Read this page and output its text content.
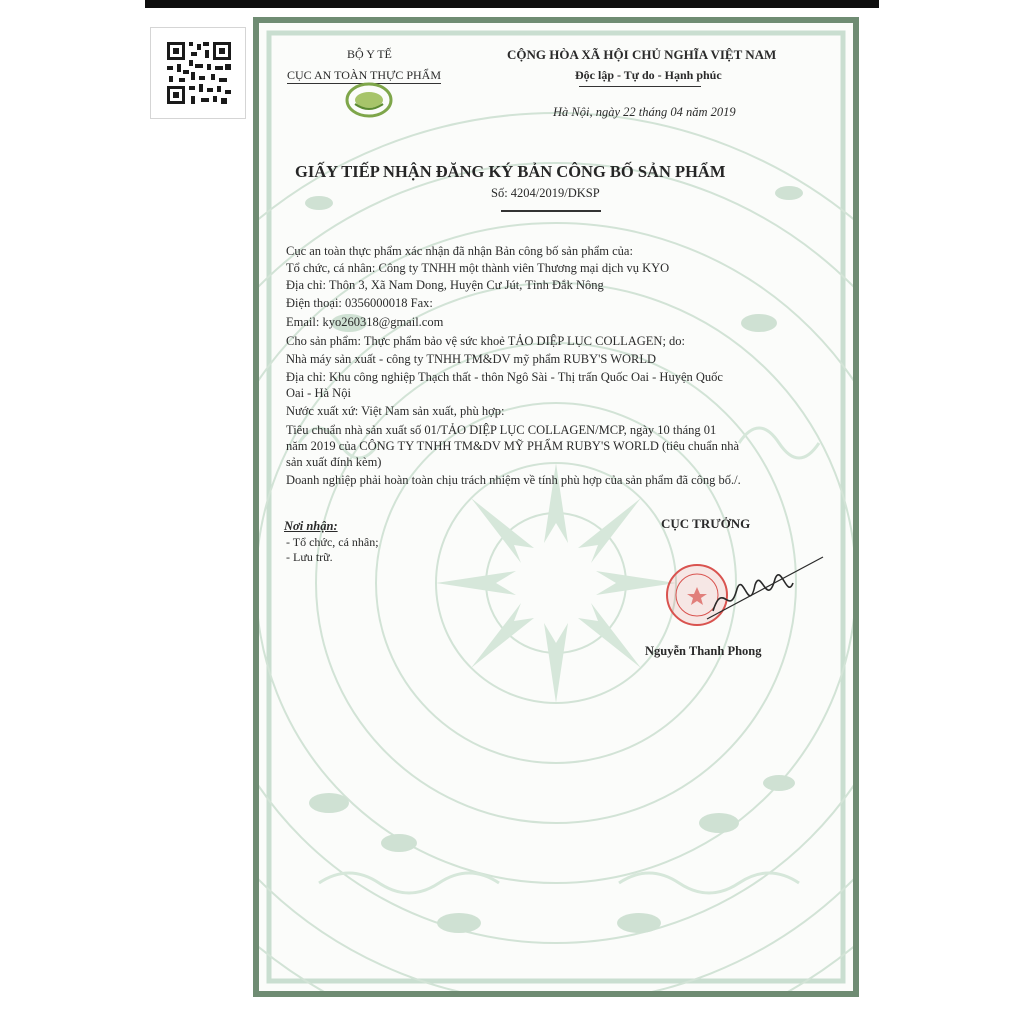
BỘ Y TẾ
CỤC AN TOÀN THỰC PHẨM
CỘNG HÒA XÃ HỘI CHỦ NGHĨA VIỆT NAM
Độc lập - Tự do - Hạnh phúc
Hà Nội, ngày 22 tháng 04 năm 2019
GIẤY TIẾP NHẬN ĐĂNG KÝ BẢN CÔNG BỐ SẢN PHẨM
Số: 4204/2019/DKSP
Cục an toàn thực phẩm xác nhận đã nhận Bản công bố sản phẩm của:
Tổ chức, cá nhân: Công ty TNHH một thành viên Thương mại dịch vụ KYO
Địa chỉ: Thôn 3, Xã Nam Dong, Huyện Cư Jút, Tỉnh Đắk Nông
Điện thoại: 0356000018 Fax:
Email: kyo260318@gmail.com
Cho sản phẩm: Thực phẩm bảo vệ sức khoẻ TẢO DIỆP LỤC COLLAGEN; do:
Nhà máy sản xuất - công ty TNHH TM&DV mỹ phẩm RUBY'S WORLD
Địa chỉ: Khu công nghiệp Thạch thất - thôn Ngô Sài - Thị trấn Quốc Oai - Huyện Quốc
Oai - Hà Nội
Nước xuất xứ: Việt Nam sản xuất, phù hợp:
Tiêu chuẩn nhà sản xuất số 01/TẢO DIỆP LỤC COLLAGEN/MCP, ngày 10 tháng 01
năm 2019 của CÔNG TY TNHH TM&DV MỸ PHẨM RUBY'S WORLD (tiêu chuẩn nhà
sản xuất đính kèm)
Doanh nghiệp phải hoàn toàn chịu trách nhiệm về tính phù hợp của sản phẩm đã công bố./.
Nơi nhận:
- Tổ chức, cá nhân;
- Lưu trữ.
CỤC TRƯỞNG
Nguyễn Thanh Phong
